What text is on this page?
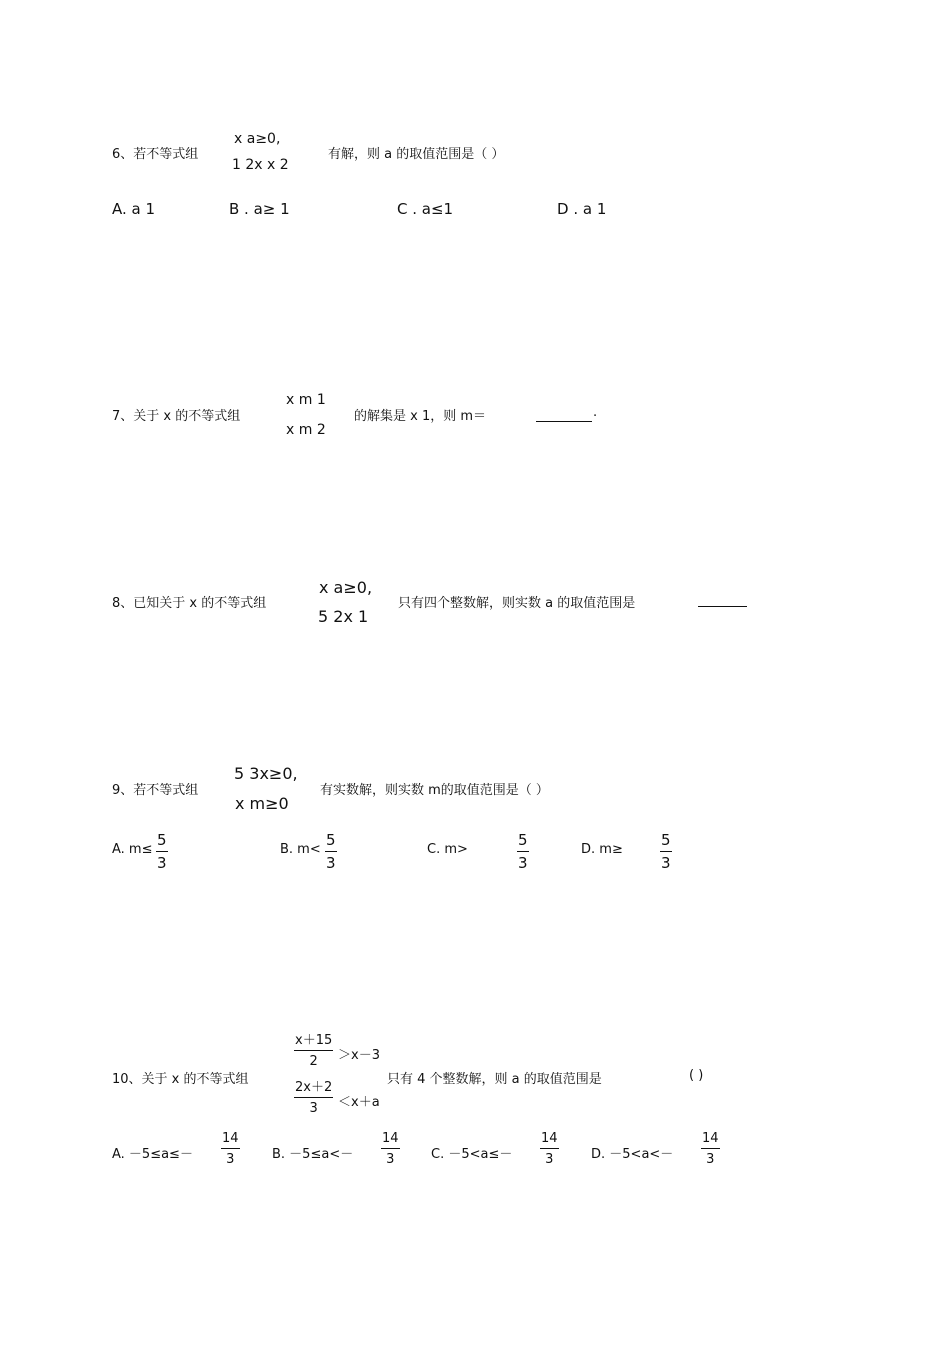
6、若不等式组
x a≥0,
1 2x x 2
有解，则 a 的取值范围是（ ）
A. a 1	B . a≥ 1	C . a≤1	D . a 1
7、关于 x 的不等式组
x m 1
x m 2
的解集是 x 1，则 m＝	.
8、已知关于 x 的不等式组
x a≥0,
5 2x 1
只有四个整数解，则实数 a 的取值范围是
9、若不等式组
5 3x≥0,
x m≥0
有实数解，则实数 m的取值范围是（ ）
A. $m\le \frac{5}{3}$	B. $m< \frac{5}{3}$	C. m>	$\frac{5}{3}$	D. $m\ge \frac{5}{3}$
10、关于 x 的不等式组
$\frac{x+15}{2} >x-3$
$\frac{2x+2}{3} <x+a$
只有 4 个整数解，则 a 的取值范围是	( )
A. $-5\le a\le- \frac{14}{3} B$. $-5\le a<- \frac{14}{3} C$. $-5<a\le- \frac{14}{3} D$. $-5<a<- \frac{14}{3}$
